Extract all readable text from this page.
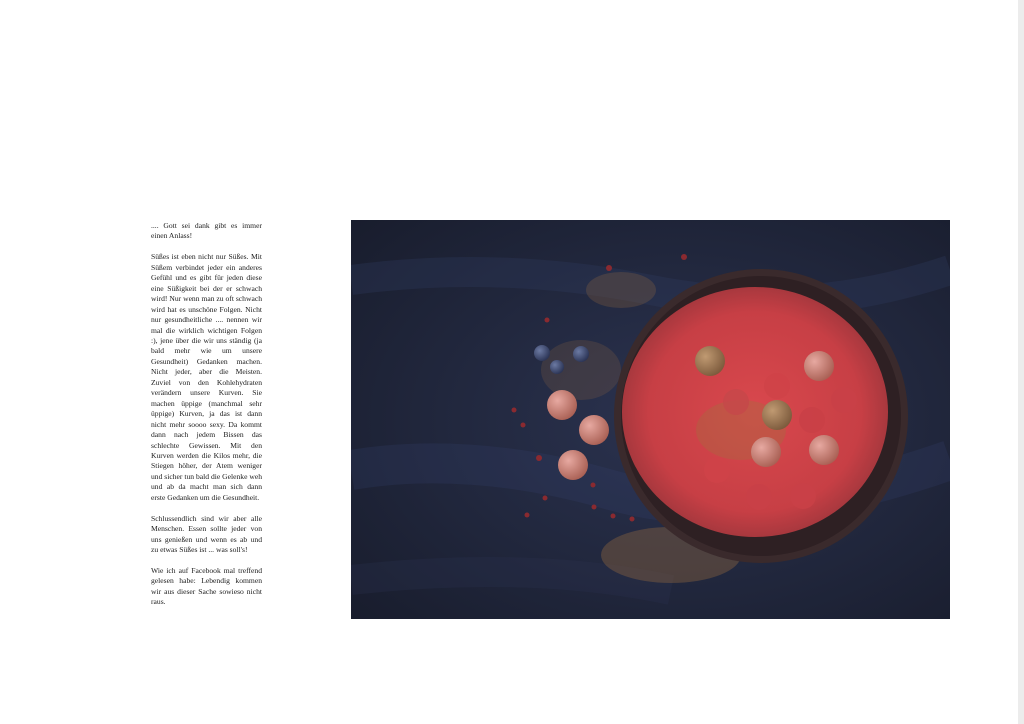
.... Gott sei dank gibt es immer einen Anlass!

Süßes ist eben nicht nur Süßes. Mit Süßem verbindet jeder ein anderes Gefühl und es gibt für jeden diese eine Süßigkeit bei der er schwach wird! Nur wenn man zu oft schwach wird hat es unschöne Folgen. Nicht nur gesundheitliche .... nennen wir mal die wirklich wichtigen Folgen :), jene über die wir uns ständig (ja bald mehr wie um unsere Gesundheit) Gedanken machen. Nicht jeder, aber die Meisten. Zuviel von den Kohlehydraten verändern unsere Kurven. Sie machen üppige (manchmal sehr üppige) Kurven, ja das ist dann nicht mehr soooo sexy. Da kommt dann nach jedem Bissen das schlechte Gewissen. Mit den Kurven werden die Kilos mehr, die Stiegen höher, der Atem weniger und sicher tun bald die Gelenke weh und ab da macht man sich dann erste Gedanken um die Gesundheit.

Schlussendlich sind wir aber alle Menschen. Essen sollte jeder von uns genießen und wenn es ab und zu etwas Süßes ist ... was soll's!

Wie ich auf Facebook mal treffend gelesen habe: Lebendig kommen wir aus dieser Sache sowieso nicht raus.
